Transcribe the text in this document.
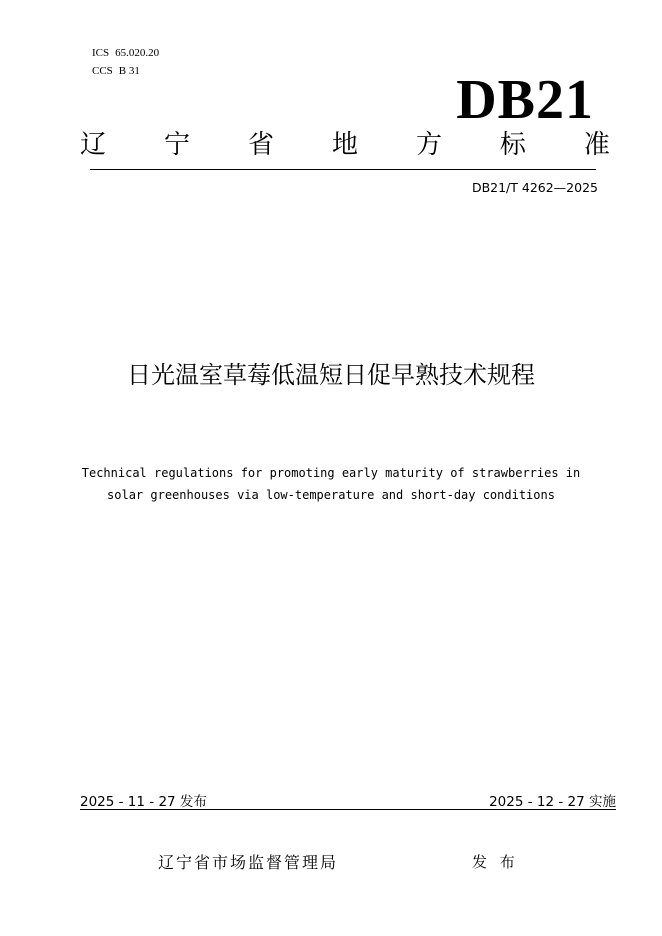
ICS 65.020.20
CCS B 31	DB21
辽 宁 省 地 方 标 准
DB21/T 4262—2025
日光温室草莓低温短日促早熟技术规程
Technical regulations for promoting early maturity of strawberries in
solar greenhouses via low-temperature and short-day conditions
2025 - 11 - 27 发布	2025 - 12 - 27 实施
辽宁省市场监督管理局	发 布
